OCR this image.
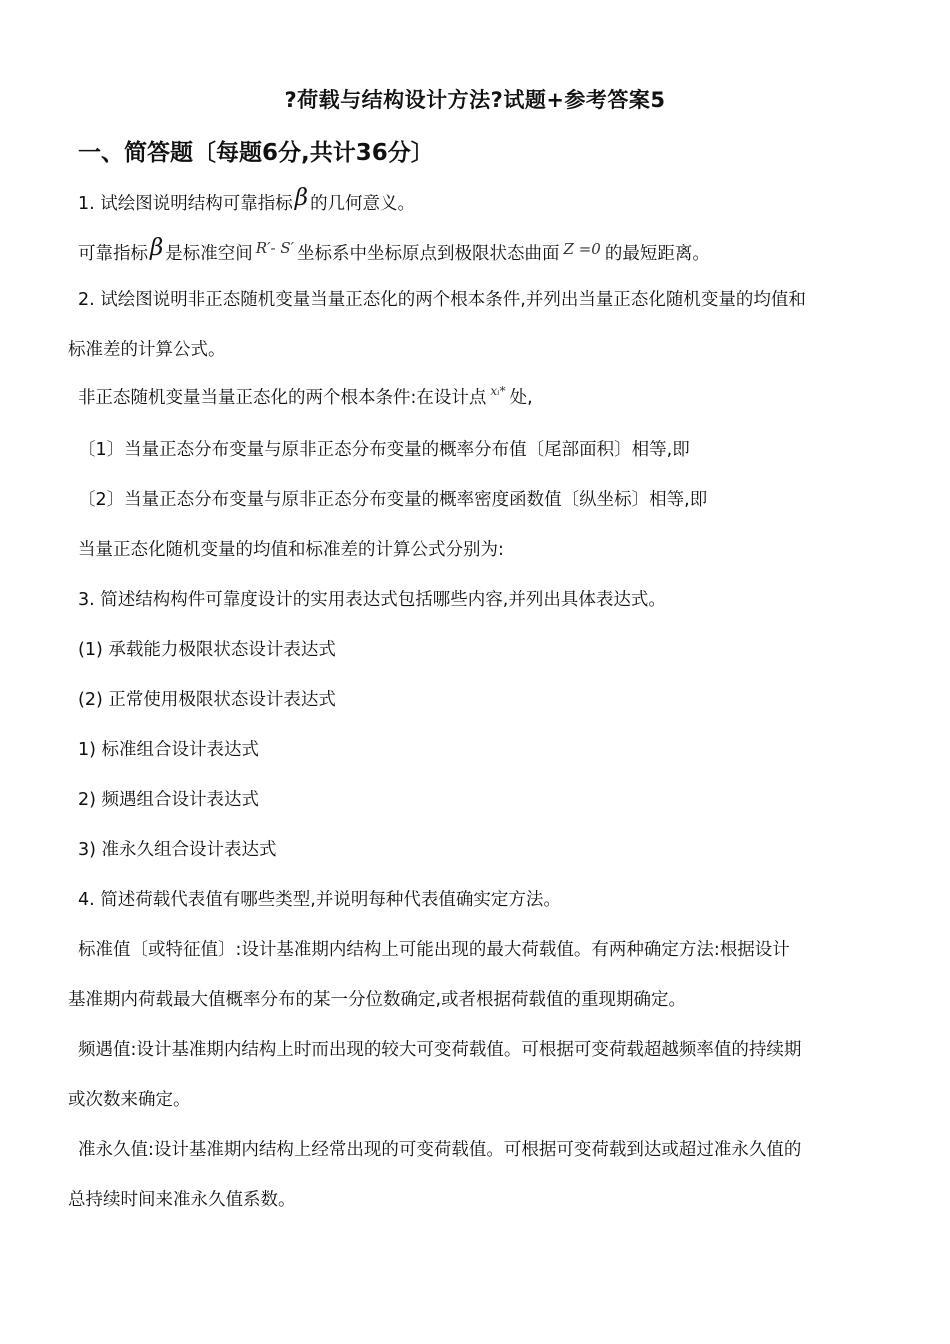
?荷载与结构设计方法?试题+参考答案5
一、简答题〔每题6分,共计36分〕
1. 试绘图说明结构可靠指标β 的几何意义。
可靠指标β 是标准空间 R′- S′ 坐标系中坐标原点到极限状态曲面 Z =0 的最短距离。
2. 试绘图说明非正态随机变量当量正态化的两个根本条件,并列出当量正态化随机变量的均值和
标准差的计算公式。
非正态随机变量当量正态化的两个根本条件:在设计点 $^{xᵢ*}$ 处,
〔1〕当量正态分布变量与原非正态分布变量的概率分布值〔尾部面积〕相等,即
〔2〕当量正态分布变量与原非正态分布变量的概率密度函数值〔纵坐标〕相等,即
当量正态化随机变量的均值和标准差的计算公式分别为:
3. 简述结构构件可靠度设计的实用表达式包括哪些内容,并列出具体表达式。
(1) 承载能力极限状态设计表达式
(2) 正常使用极限状态设计表达式
1) 标准组合设计表达式
2) 频遇组合设计表达式
3) 准永久组合设计表达式
4. 简述荷载代表值有哪些类型,并说明每种代表值确实定方法。
标准值〔或特征值〕:设计基准期内结构上可能出现的最大荷载值。有两种确定方法:根据设计
基准期内荷载最大值概率分布的某一分位数确定,或者根据荷载值的重现期确定。
频遇值:设计基准期内结构上时而出现的较大可变荷载值。可根据可变荷载超越频率值的持续期
或次数来确定。
准永久值:设计基准期内结构上经常出现的可变荷载值。可根据可变荷载到达或超过准永久值的
总持续时间来准永久值系数。
